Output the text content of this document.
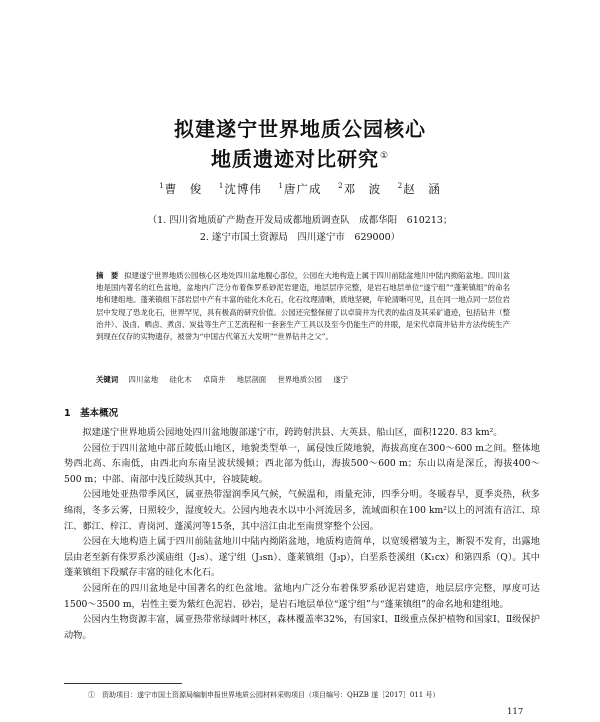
拟建遂宁世界地质公园核心
地质遗迹对比研究①
$^1$曹　俊 $^1$沈博伟 $^1$唐广成 $^2$邓　波 $^2$赵　涵
（1. 四川省地质矿产勘查开发局成都地质调查队　成都华阳　610213；
2. 遂宁市国土资源局　四川遂宁市　629000）
摘　要 拟建遂宁世界地质公园核心区地处四川盆地腹心部位，公园在大地构造上属于四川前陆盆地川中陆内拗陷盆地。四川盆地是国内著名的红色盆地，盆地内广泛分布着侏罗系砂泥岩建造，地层层序完整，是岩石地层单位“遂宁组”“蓬莱镇组”的命名地和建组地。蓬莱镇组下部岩层中产有丰富的硅化木化石，化石纹理清晰，质地坚硬，年轮清晰可见，且在同一地点同一层位岩层中发现了恐龙化石，世界罕见，具有极高的研究价值。公园还完整保留了以卓筒井为代表的盐卤及其采矿遗迹，包括钻井（整治井）、汲卤、晒卤、煮卤、炭盐等生产工艺流程和一套套生产工具以及至今仍能生产的井眼，是宋代卓筒井钻井方法传统生产到现在仅存的实物遗存，被誉为“中国古代第五大发明”“世界钻井之父”。
关键词 四川盆地 硅化木 卓筒井 地层剖面 世界地质公园 遂宁
1　基本概况

拟建遂宁世界地质公园地处四川盆地腹部遂宁市，跨跨射洪县、大英县、船山区，面积1220. 83 km²。

公园位于四川盆地中部丘陵低山地区，地貌类型单一，属侵蚀丘陵地貌，海拔高度在300～600 m之间。整体地势西北高、东南低，由西北向东南呈波状缓倾；西北部为低山，海拔500～600 m；东山以南是深丘，海拔400～500 m；中部、南部中浅丘陵纵其中，谷坡陡峻。

公园地处亚热带季风区，属亚热带湿润季风气候，气候温和，雨量充沛，四季分明。冬暖春早，夏季炎热，秋多绵雨，冬多云雾，日照较少，湿度较大。公园内地表水以中小河流居多，流域面积在100 km²以上的河流有涪江、琼江、郪江、梓江、青岗河、蓬溪河等15条，其中涪江由北至南贯穿整个公园。

公园在大地构造上属于四川前陆盆地川中陆内拗陷盆地，地质构造简单，以宽缓褶皱为主，断裂不发育，出露地层由老至新有侏罗系沙溪庙组（J₂s）、遂宁组（J₃sn）、蓬莱镇组（J₃p），白垩系苍溪组（K₁cx）和第四系（Q）。其中蓬莱镇组下段赋存丰富的硅化木化石。

公园所在的四川盆地是中国著名的红色盆地。盆地内广泛分布着侏罗系砂泥岩建造，地层层序完整，厚度可达1500～3500 m，岩性主要为紫红色泥岩、砂岩，是岩石地层单位“遂宁组”与“蓬莱镇组”的命名地和建组地。

公园内生物资源丰富，属亚热带常绿阔叶林区，森林覆盖率32%，有国家Ⅰ、Ⅱ级重点保护植物和国家Ⅰ、Ⅱ级保护动物。

①　资助项目：遂宁市国土资源局编制申报世界地质公园材料采购项目（项目编号：QHZB 遂［2017］011 号）
117
